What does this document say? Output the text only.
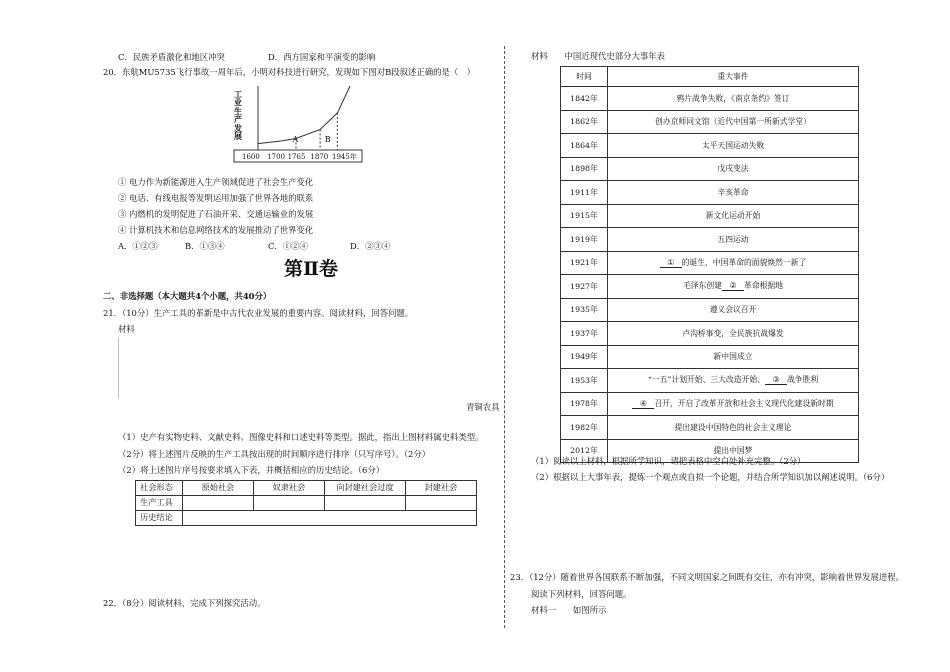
C．民族矛盾激化和地区冲突	D．西方国家和平演变的影响
20．东航MU5735飞行事故一周年后，小明对科技进行研究，发现如下图对B段叙述正确的是（　）
工业生产发展
1600 1700 1765 1870 1945年
A	B
① 电力作为新能源进入生产领域促进了社会生产变化
② 电话、有线电报等发明运用加强了世界各地的联系
③ 内燃机的发明促进了石油开采、交通运输业的发展
④ 计算机技术和信息网络技术的发展推动了世界变化
A．①②③	B．①③④	C．①②④	D．②③④
第Ⅱ卷
二、非选择题（本大题共4个小题，共40分）
21．（10分）生产工具的革新是中古代农业发展的重要内容。阅读材料，回答问题。
材料
青铜农具
（1）史产有实物史料、文献史料、图像史料和口述史料等类型。据此，指出上图材料属史料类型。
（2分）将上述图片反映的生产工具按出现的时间顺序进行排序（只写序号）。（2分）
（2）将上述图片序号按要求填入下表，并概括相应的历史结论。（6分）
社会形态	原始社会	奴隶社会	向封建社会过度	封建社会
生产工具				
历史结论				
22．（8分）阅读材料，完成下列探究活动。
材料　　中国近现代史部分大事年表
时间	重大事件
1842年	鸦片战争失败，《南京条约》签订
1862年	创办京师同文馆（近代中国第一所新式学堂）
1864年	太平天国运动失败
1898年	戊戌变法
1911年	辛亥革命
1915年	新文化运动开始
1919年	五四运动
1921年	① 的诞生，中国革命的面貌焕然一新了
1927年	毛泽东创建 ② 革命根据地
1935年	遵义会议召开
1937年	卢沟桥事变，全民族抗战爆发
1949年	新中国成立
1953年	“一五”计划开始、三大改造开始、 ③ 战争胜利
1978年	④ 召开，开启了改革开放和社会主义现代化建设新时期
1982年	提出建设中国特色的社会主义理论
2012年	提出中国梦
（1）阅读以上材料，根据所学知识，请把表格中空白处补充完整。（2分）
（2）根据以上大事年表，提炼一个观点或自拟一个论题，并结合所学知识加以阐述说明。（6分）
23．（12分）随着世界各国联系不断加强，不同文明国家之间既有交往，亦有冲突，影响着世界发展进程。
阅读下列材料，回答问题。
材料一　　如图所示
